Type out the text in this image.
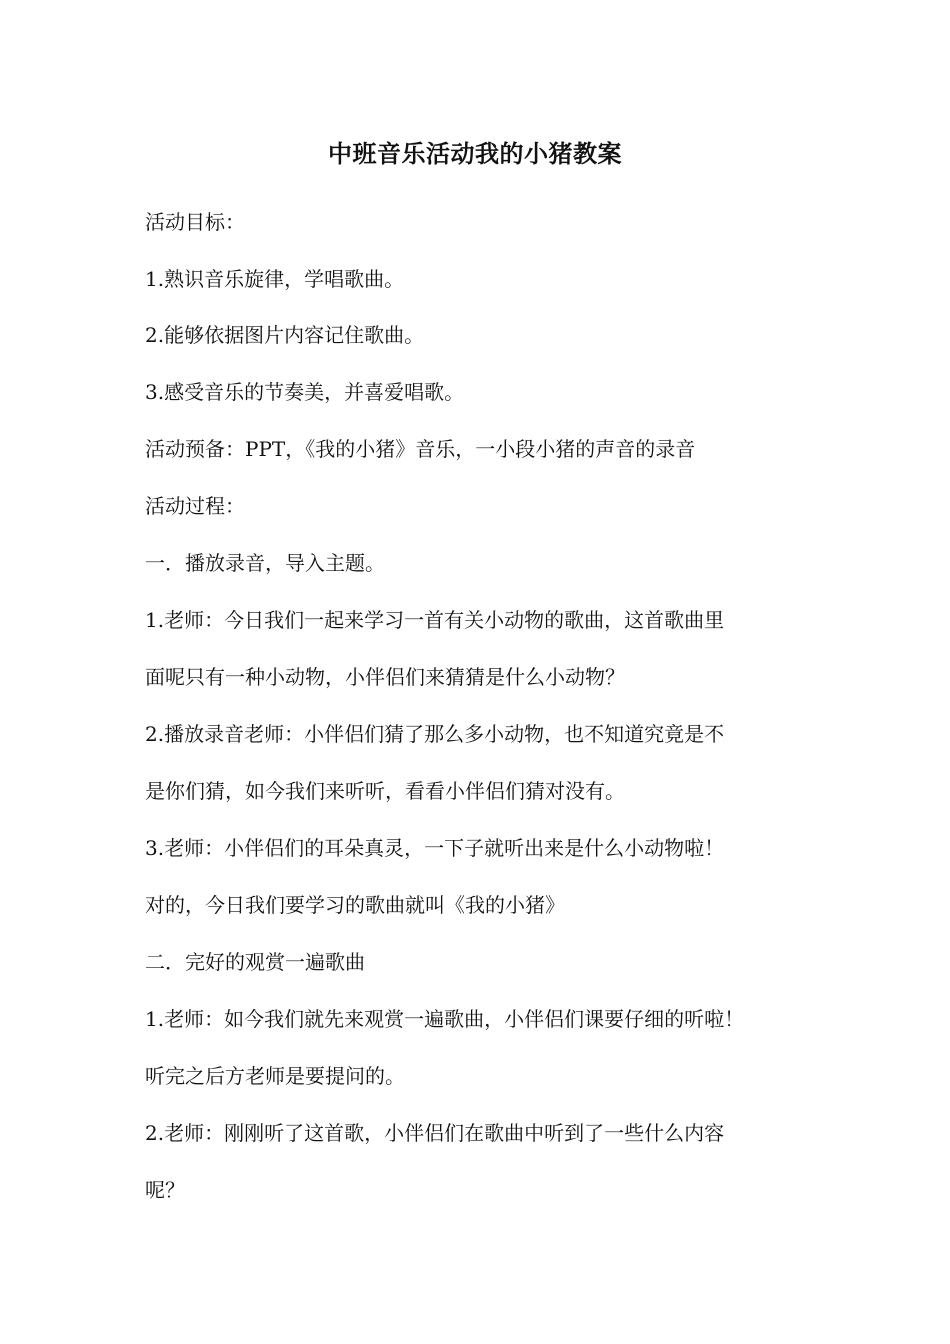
中班音乐活动我的小猪教案
活动目标：
1.熟识音乐旋律，学唱歌曲。
2.能够依据图片内容记住歌曲。
3.感受音乐的节奏美，并喜爱唱歌。
活动预备：PPT，《我的小猪》音乐，一小段小猪的声音的录音
活动过程：
一．播放录音，导入主题。
1.老师：今日我们一起来学习一首有关小动物的歌曲，这首歌曲里
面呢只有一种小动物，小伴侣们来猜猜是什么小动物？
2.播放录音老师：小伴侣们猜了那么多小动物，也不知道究竟是不
是你们猜，如今我们来听听，看看小伴侣们猜对没有。
3.老师：小伴侣们的耳朵真灵，一下子就听出来是什么小动物啦！
对的，今日我们要学习的歌曲就叫《我的小猪》
二．完好的观赏一遍歌曲
1.老师：如今我们就先来观赏一遍歌曲，小伴侣们课要仔细的听啦！
听完之后方老师是要提问的。
2.老师：刚刚听了这首歌，小伴侣们在歌曲中听到了一些什么内容
呢？
